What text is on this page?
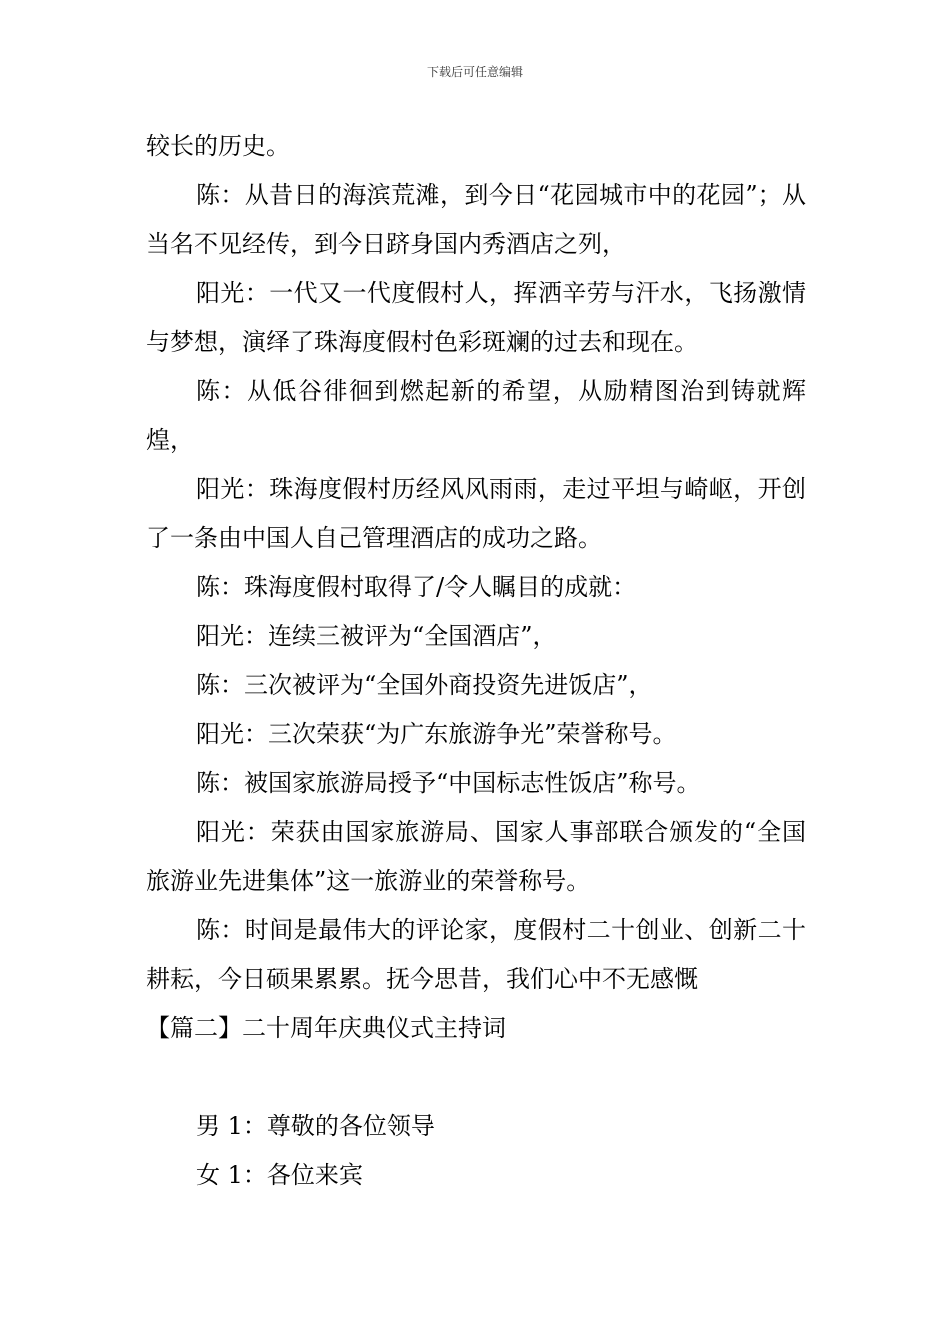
下载后可任意编辑

较长的历史。

陈：从昔日的海滨荒滩，到今日“花园城市中的花园”；从当名不见经传，到今日跻身国内秀酒店之列，

阳光：一代又一代度假村人，挥洒辛劳与汗水，飞扬激情与梦想，演绎了珠海度假村色彩斑斓的过去和现在。

陈：从低谷徘徊到燃起新的希望，从励精图治到铸就辉煌，

阳光：珠海度假村历经风风雨雨，走过平坦与崎岖，开创了一条由中国人自己管理酒店的成功之路。

陈：珠海度假村取得了/令人瞩目的成就：

阳光：连续三被评为“全国酒店”，

陈：三次被评为“全国外商投资先进饭店”，

阳光：三次荣获“为广东旅游争光”荣誉称号。

陈：被国家旅游局授予“中国标志性饭店”称号。

阳光：荣获由国家旅游局、国家人事部联合颁发的“全国旅游业先进集体”这一旅游业的荣誉称号。

陈：时间是最伟大的评论家，度假村二十创业、创新二十耕耘，今日硕果累累。抚今思昔，我们心中不无感慨

【篇二】二十周年庆典仪式主持词

男 1：尊敬的各位领导

女 1：各位来宾
